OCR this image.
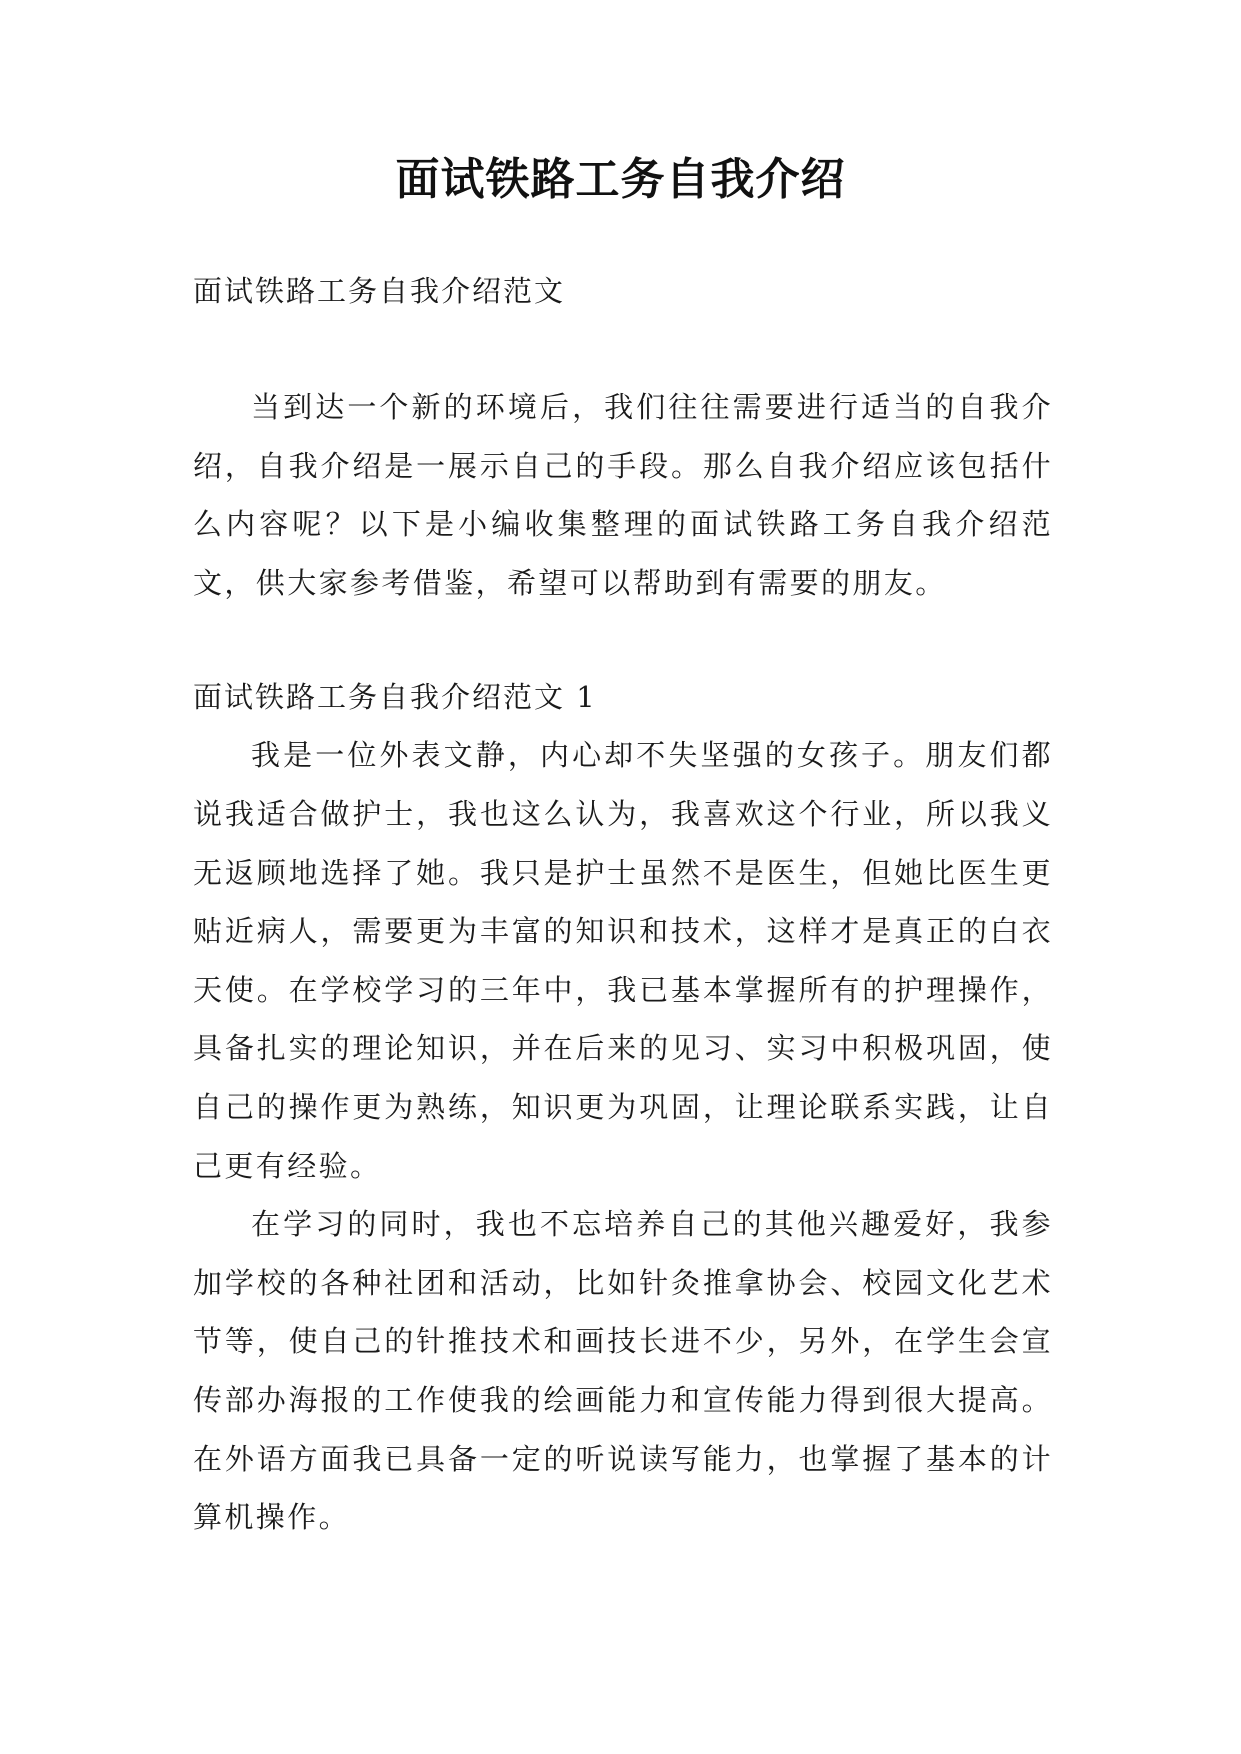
面试铁路工务自我介绍

面试铁路工务自我介绍范文

当到达一个新的环境后，我们往往需要进行适当的自我介绍，自我介绍是一展示自己的手段。那么自我介绍应该包括什么内容呢？以下是小编收集整理的面试铁路工务自我介绍范文，供大家参考借鉴，希望可以帮助到有需要的朋友。

面试铁路工务自我介绍范文 1

我是一位外表文静，内心却不失坚强的女孩子。朋友们都说我适合做护士，我也这么认为，我喜欢这个行业，所以我义无返顾地选择了她。我只是护士虽然不是医生，但她比医生更贴近病人，需要更为丰富的知识和技术，这样才是真正的白衣天使。在学校学习的三年中，我已基本掌握所有的护理操作，具备扎实的理论知识，并在后来的见习、实习中积极巩固，使自己的操作更为熟练，知识更为巩固，让理论联系实践，让自己更有经验。

在学习的同时，我也不忘培养自己的其他兴趣爱好，我参加学校的各种社团和活动，比如针灸推拿协会、校园文化艺术节等，使自己的针推技术和画技长进不少，另外，在学生会宣传部办海报的工作使我的绘画能力和宣传能力得到很大提高。在外语方面我已具备一定的听说读写能力，也掌握了基本的计算机操作。
